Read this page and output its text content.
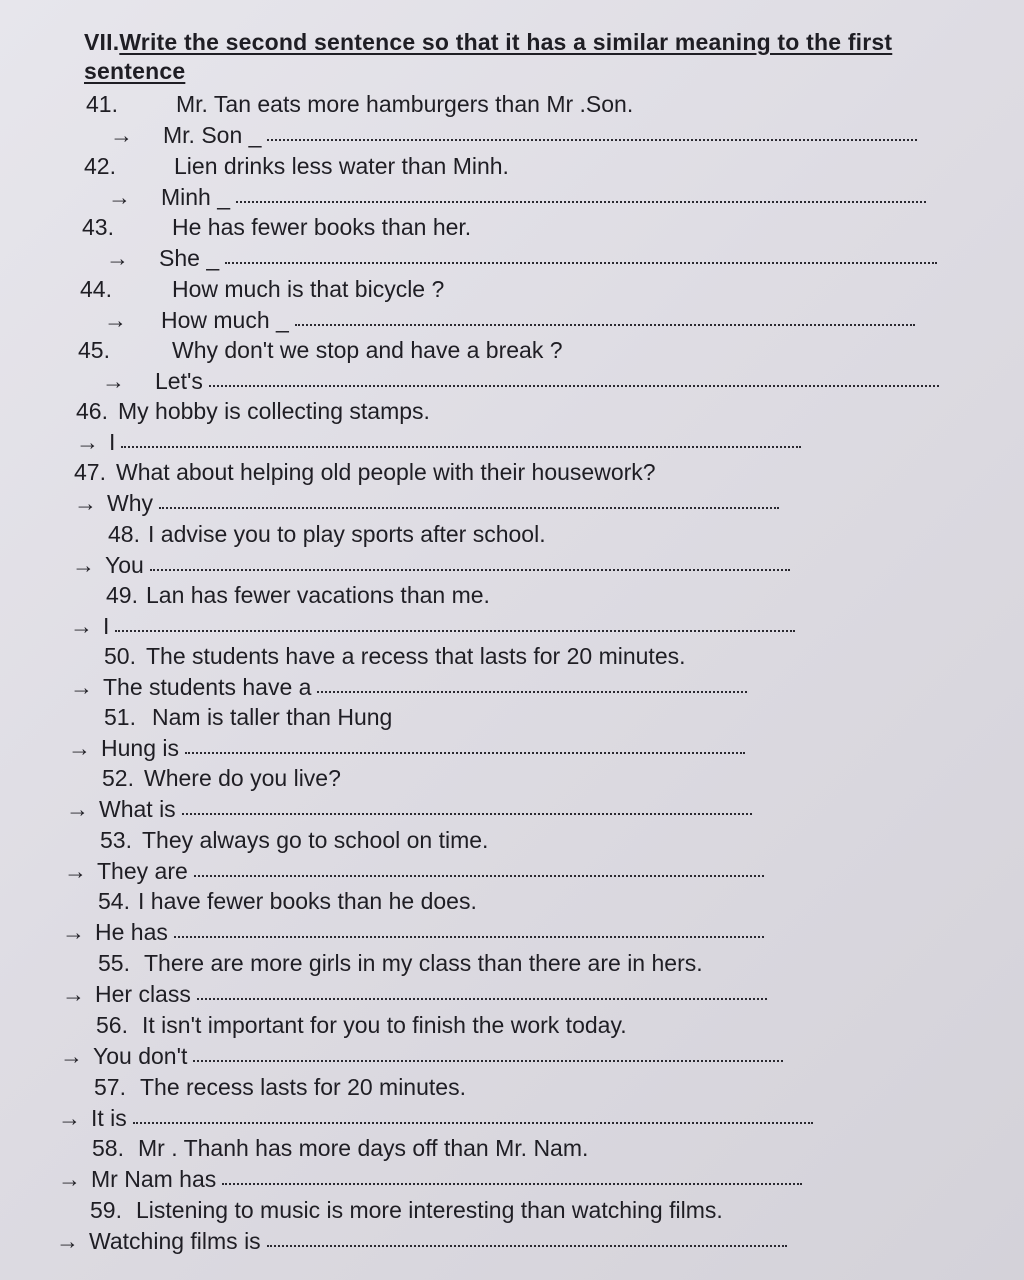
VII.Write the second sentence so that it has a similar meaning to the first
sentence
41.	Mr. Tan eats more hamburgers than Mr .Son.
→ Mr. Son _
42.	Lien drinks less water than Minh.
→ Minh _
43.	He has fewer books than her.
→ She _
44.	How much is that bicycle ?
→ How much _
45.	Why don't we stop and have a break ?
→ Let's
46. My hobby is collecting stamps.
→ I
47. What about helping old people with their housework?
→ Why
48. I advise you to play sports after school.
→ You
49. Lan has fewer vacations than me.
→ I
50. The students have a recess that lasts for 20 minutes.
→ The students have a
51. Nam is taller than Hung
→ Hung is
52. Where do you live?
→ What is
53. They always go to school on time.
→ They are
54. I have fewer books than he does.
→ He has
55. There are more girls in my class than there are in hers.
→ Her class
56. It isn't important for you to finish the work today.
→ You don't
57. The recess lasts for 20 minutes.
→ It is
58. Mr . Thanh has more days off than Mr. Nam.
→ Mr Nam has
59. Listening to music is more interesting than watching films.
→ Watching films is
